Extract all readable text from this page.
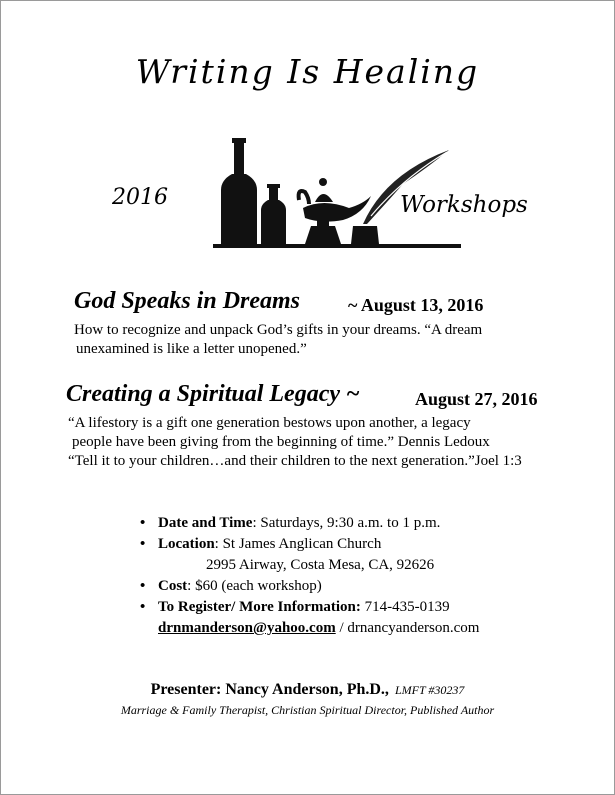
Writing Is Healing
2016	Workshops
God Speaks in Dreams	~ August 13, 2016
How to recognize and unpack God’s gifts in your dreams. “A dream
unexamined is like a letter unopened.”
Creating a Spiritual Legacy ~	August 27, 2016
“A lifestory is a gift one generation bestows upon another, a legacy
people have been giving from the beginning of time.” Dennis Ledoux
“Tell it to your children…and their children to the next generation.”Joel 1:3
• Date and Time: Saturdays, 9:30 a.m. to 1 p.m.
• Location: St James Anglican Church
2995 Airway, Costa Mesa, CA, 92626
• Cost: $60 (each workshop)
• To Register/ More Information: 714-435-0139
drnmanderson@yahoo.com / drnancyanderson.com
Presenter: Nancy Anderson, Ph.D., LMFT #30237
Marriage & Family Therapist, Christian Spiritual Director, Published Author
